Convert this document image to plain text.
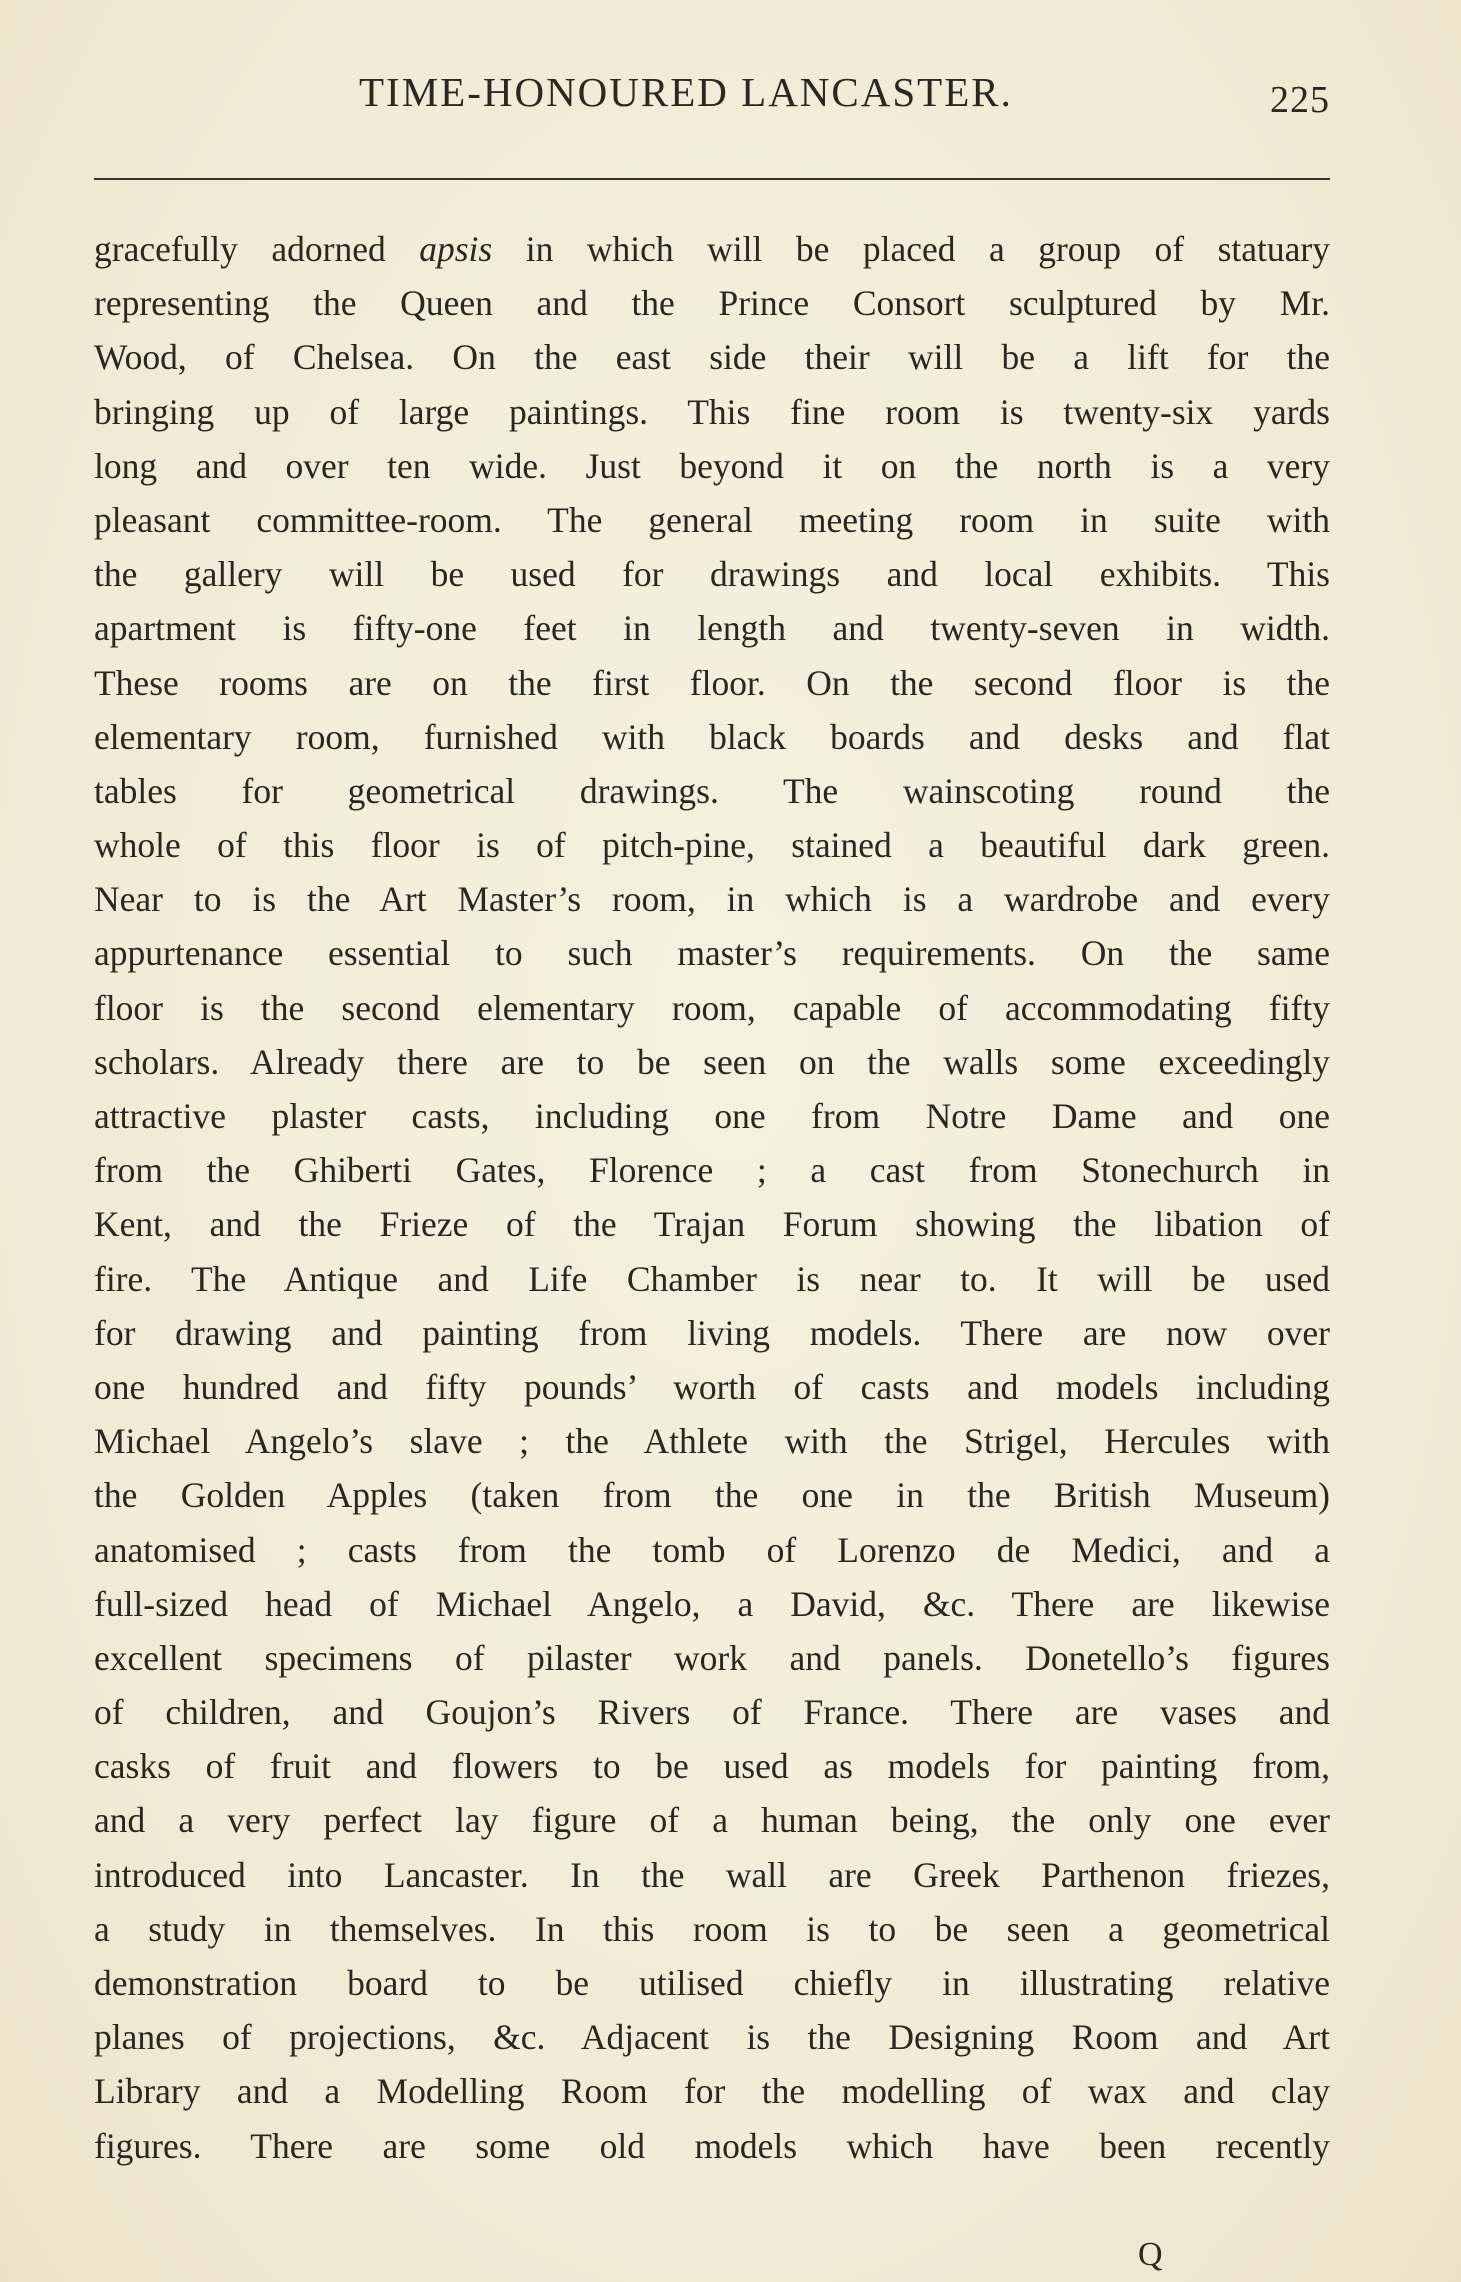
TIME-HONOURED LANCASTER.	225
gracefully adorned apsis in which will be placed a group of statuary
representing the Queen and the Prince Consort sculptured by Mr.
Wood, of Chelsea. On the east side their will be a lift for the
bringing up of large paintings. This fine room is twenty-six yards
long and over ten wide. Just beyond it on the north is a very
pleasant committee-room. The general meeting room in suite with
the gallery will be used for drawings and local exhibits. This
apartment is fifty-one feet in length and twenty-seven in width.
These rooms are on the first floor. On the second floor is the
elementary room, furnished with black boards and desks and flat
tables for geometrical drawings. The wainscoting round the
whole of this floor is of pitch-pine, stained a beautiful dark green.
Near to is the Art Master’s room, in which is a wardrobe and every
appurtenance essential to such master’s requirements. On the same
floor is the second elementary room, capable of accommodating fifty
scholars. Already there are to be seen on the walls some exceedingly
attractive plaster casts, including one from Notre Dame and one
from the Ghiberti Gates, Florence ; a cast from Stonechurch in
Kent, and the Frieze of the Trajan Forum showing the libation of
fire. The Antique and Life Chamber is near to. It will be used
for drawing and painting from living models. There are now over
one hundred and fifty pounds’ worth of casts and models including
Michael Angelo’s slave ; the Athlete with the Strigel, Hercules with
the Golden Apples (taken from the one in the British Museum)
anatomised ; casts from the tomb of Lorenzo de Medici, and a
full-sized head of Michael Angelo, a David, &c. There are likewise
excellent specimens of pilaster work and panels. Donetello’s figures
of children, and Goujon’s Rivers of France. There are vases and
casks of fruit and flowers to be used as models for painting from,
and a very perfect lay figure of a human being, the only one ever
introduced into Lancaster. In the wall are Greek Parthenon friezes,
a study in themselves. In this room is to be seen a geometrical
demonstration board to be utilised chiefly in illustrating relative
planes of projections, &c. Adjacent is the Designing Room and Art
Library and a Modelling Room for the modelling of wax and clay
figures. There are some old models which have been recently
Q
